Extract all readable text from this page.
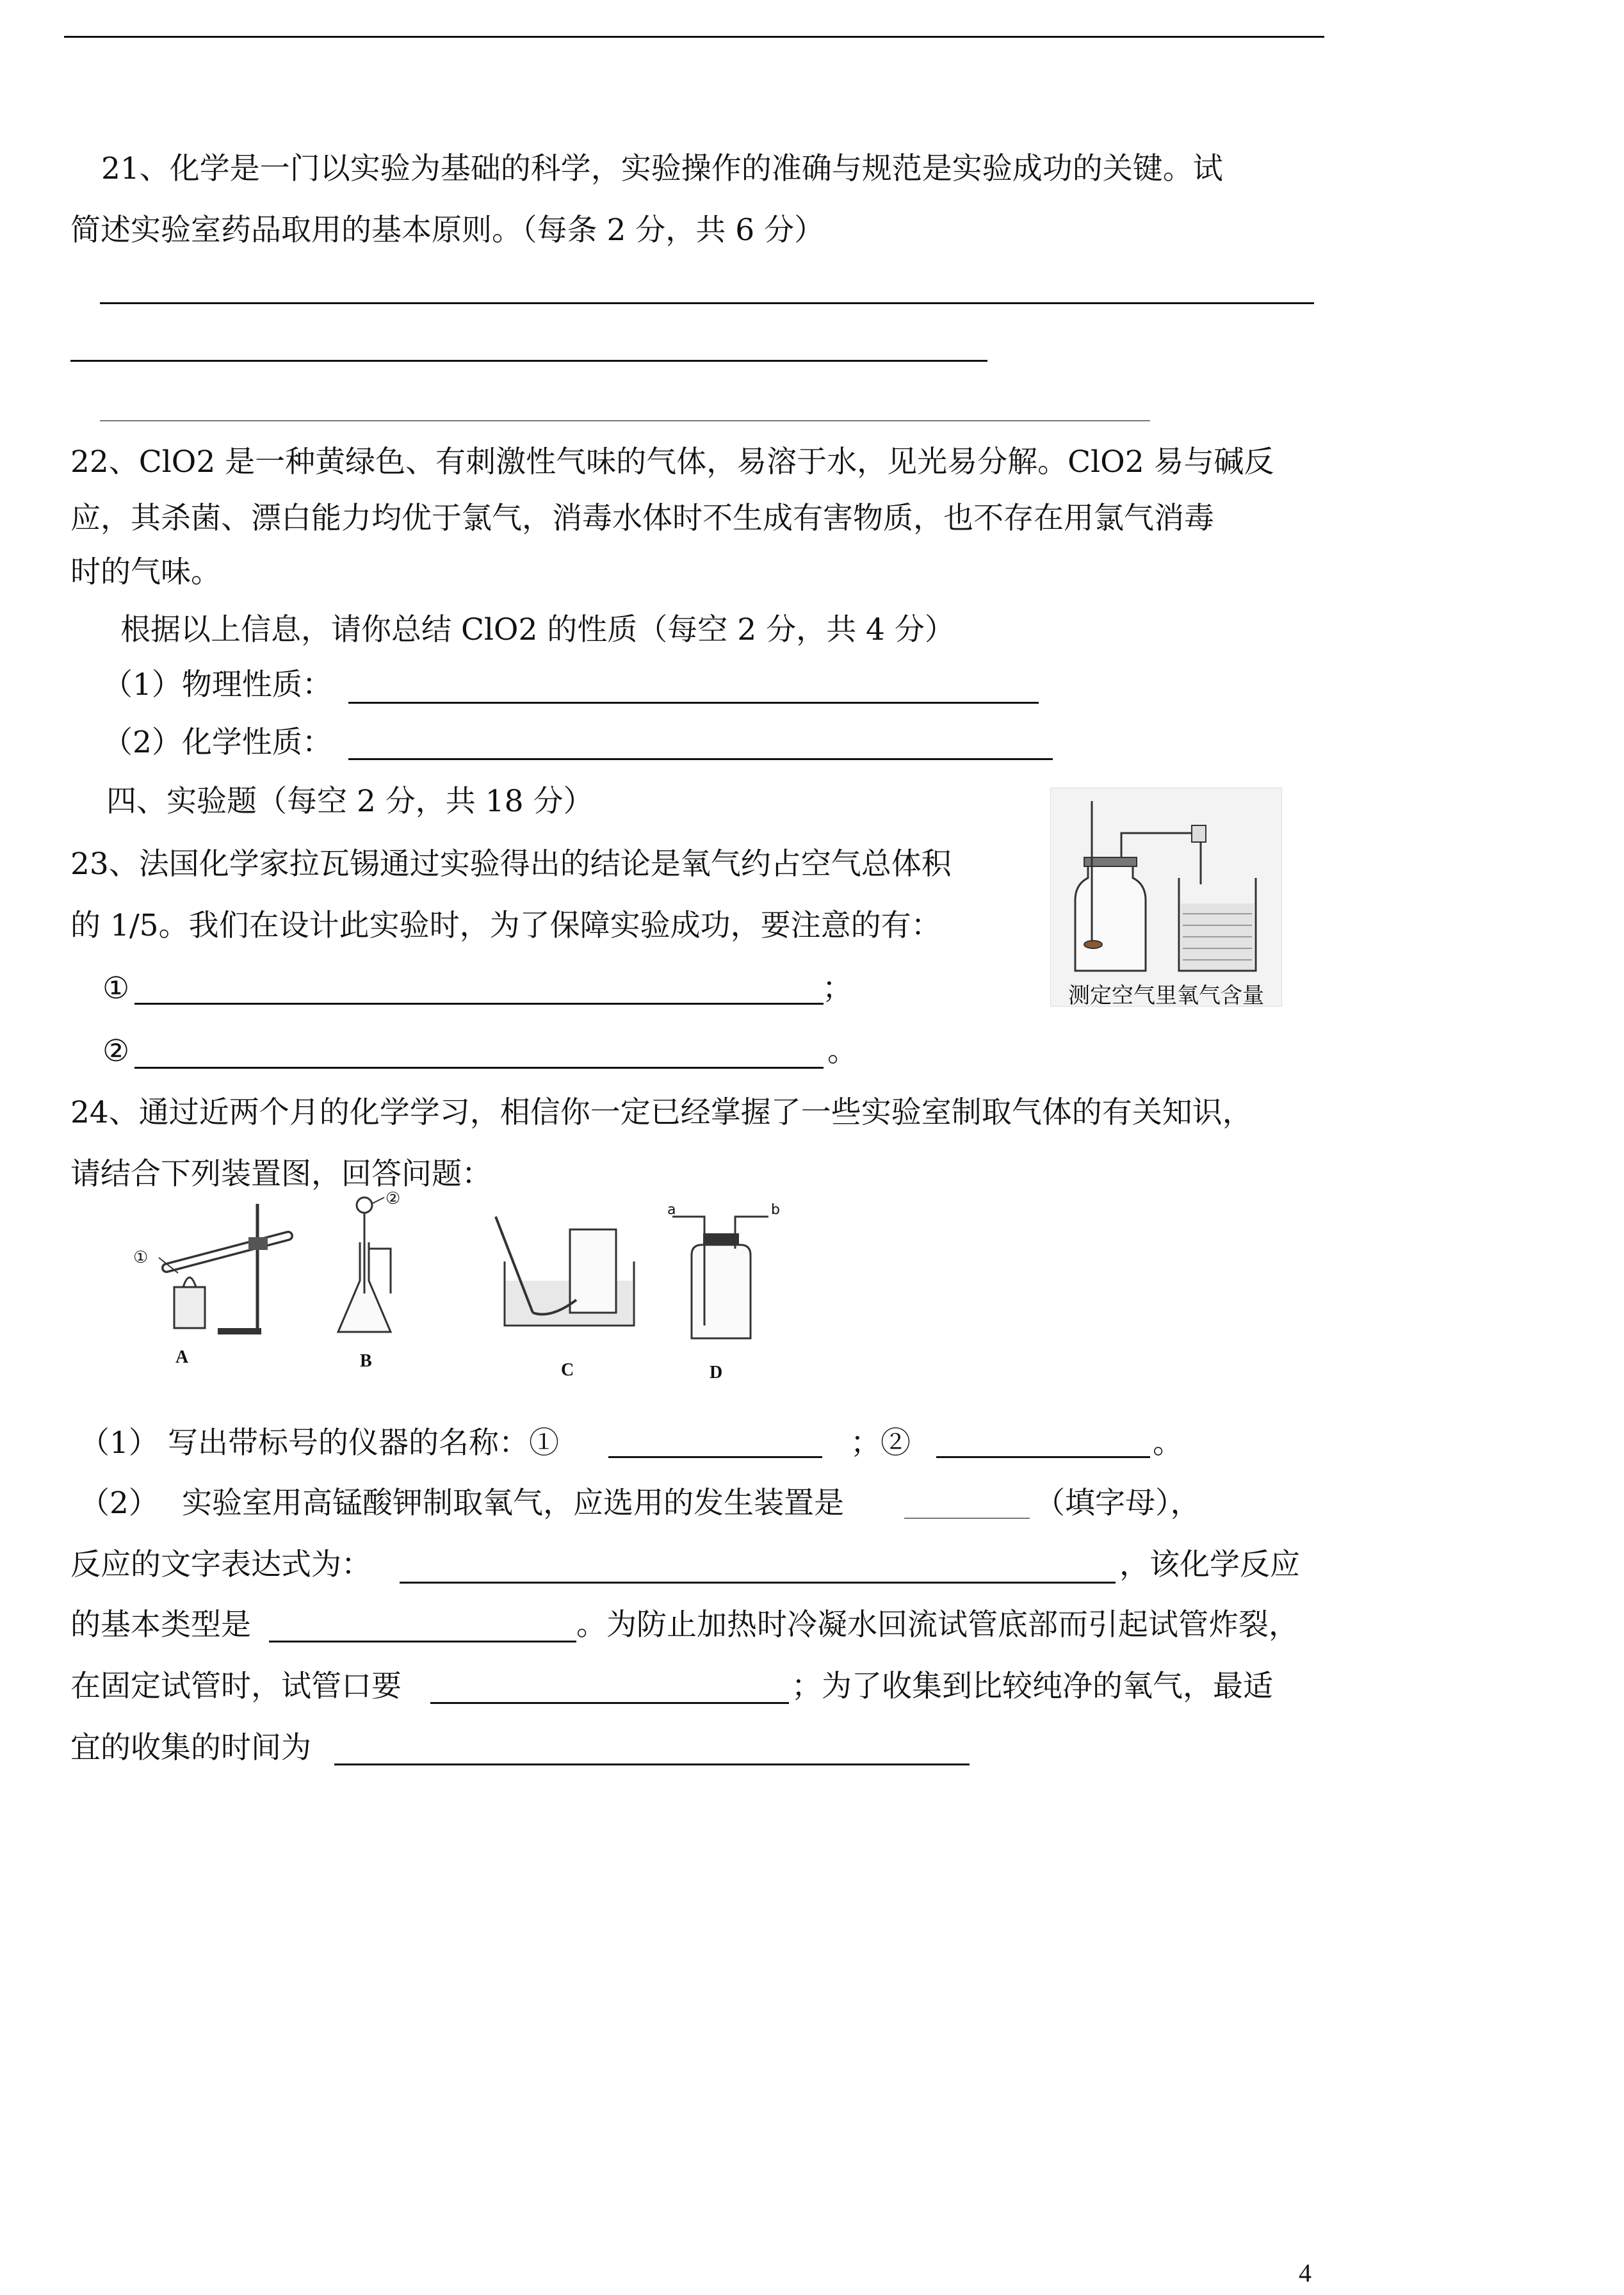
21、化学是一门以实验为基础的科学，实验操作的准确与规范是实验成功的关键。试
简述实验室药品取用的基本原则。（每条 2 分，共 6 分）
22、ClO2 是一种黄绿色、有刺激性气味的气体，易溶于水，见光易分解。ClO2 易与碱反
应，其杀菌、漂白能力均优于氯气，消毒水体时不生成有害物质，也不存在用氯气消毒
时的气味。
根据以上信息，请你总结 ClO2 的性质（每空 2 分，共 4 分）
（1）物理性质：
（2）化学性质：
四、实验题（每空 2 分，共 18 分）
23、法国化学家拉瓦锡通过实验得出的结论是氧气约占空气总体积
的 1/5。我们在设计此实验时，为了保障实验成功，要注意的有：
①	；
②	。
测定空气里氧气含量
24、通过近两个月的化学学习，相信你一定已经掌握了一些实验室制取气体的有关知识，
请结合下列装置图，回答问题：
①
②
a	b
A	B	C	D
（1） 写出带标号的仪器的名称：①	；②	。
（2） 实验室用高锰酸钾制取氧气，应选用的发生装置是	（填字母），
反应的文字表达式为：	，该化学反应
的基本类型是	。为防止加热时冷凝水回流试管底部而引起试管炸裂，
在固定试管时，试管口要	；为了收集到比较纯净的氧气，最适
宜的收集的时间为
4
